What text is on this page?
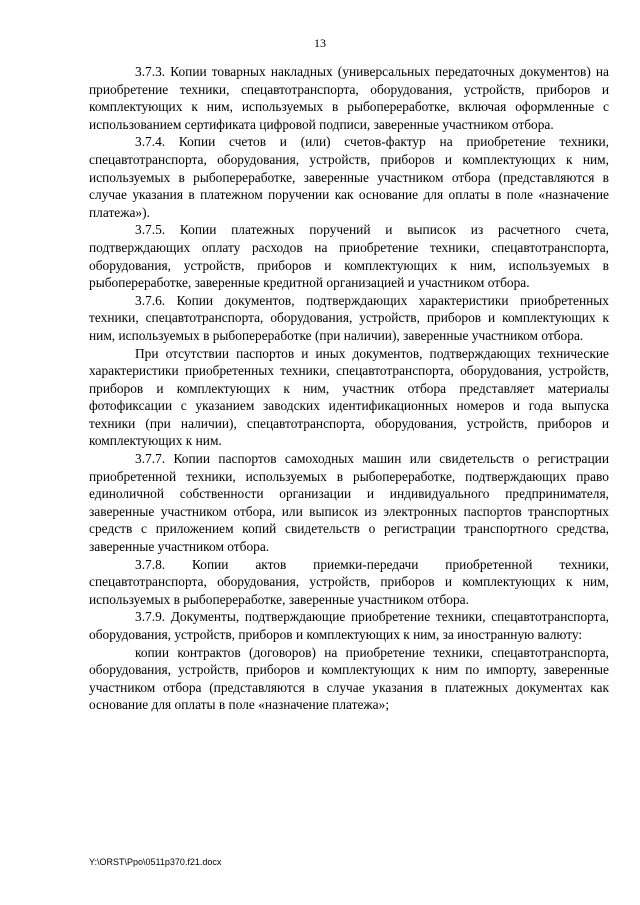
13

3.7.3. Копии товарных накладных (универсальных передаточных документов) на приобретение техники, спецавтотранспорта, оборудования, устройств, приборов и комплектующих к ним, используемых в рыбопереработке, включая оформленные с использованием сертификата цифровой подписи, заверенные участником отбора.

3.7.4. Копии счетов и (или) счетов-фактур на приобретение техники, спецавтотранспорта, оборудования, устройств, приборов и комплектующих к ним, используемых в рыбопереработке, заверенные участником отбора (представляются в случае указания в платежном поручении как основание для оплаты в поле «назначение платежа»).

3.7.5. Копии платежных поручений и выписок из расчетного счета, подтверждающих оплату расходов на приобретение техники, спецавтотранспорта, оборудования, устройств, приборов и комплектующих к ним, используемых в рыбопереработке, заверенные кредитной организацией и участником отбора.

3.7.6. Копии документов, подтверждающих характеристики приобретенных техники, спецавтотранспорта, оборудования, устройств, приборов и комплектующих к ним, используемых в рыбопереработке (при наличии), заверенные участником отбора.

При отсутствии паспортов и иных документов, подтверждающих технические характеристики приобретенных техники, спецавтотранспорта, оборудования, устройств, приборов и комплектующих к ним, участник отбора представляет материалы фотофиксации с указанием заводских идентификационных номеров и года выпуска техники (при наличии), спецавтотранспорта, оборудования, устройств, приборов и комплектующих к ним.

3.7.7. Копии паспортов самоходных машин или свидетельств о регистрации приобретенной техники, используемых в рыбопереработке, подтверждающих право единоличной собственности организации и индивидуального предпринимателя, заверенные участником отбора, или выписок из электронных паспортов транспортных средств с приложением копий свидетельств о регистрации транспортного средства, заверенные участником отбора.

3.7.8. Копии актов приемки-передачи приобретенной техники, спецавтотранспорта, оборудования, устройств, приборов и комплектующих к ним, используемых в рыбопереработке, заверенные участником отбора.

3.7.9. Документы, подтверждающие приобретение техники, спецавтотранспорта, оборудования, устройств, приборов и комплектующих к ним, за иностранную валюту:

копии контрактов (договоров) на приобретение техники, спецавтотранспорта, оборудования, устройств, приборов и комплектующих к ним по импорту, заверенные участником отбора (представляются в случае указания в платежных документах как основание для оплаты в поле «назначение платежа»;

Y:\ORST\Ppo\0511p370.f21.docx
